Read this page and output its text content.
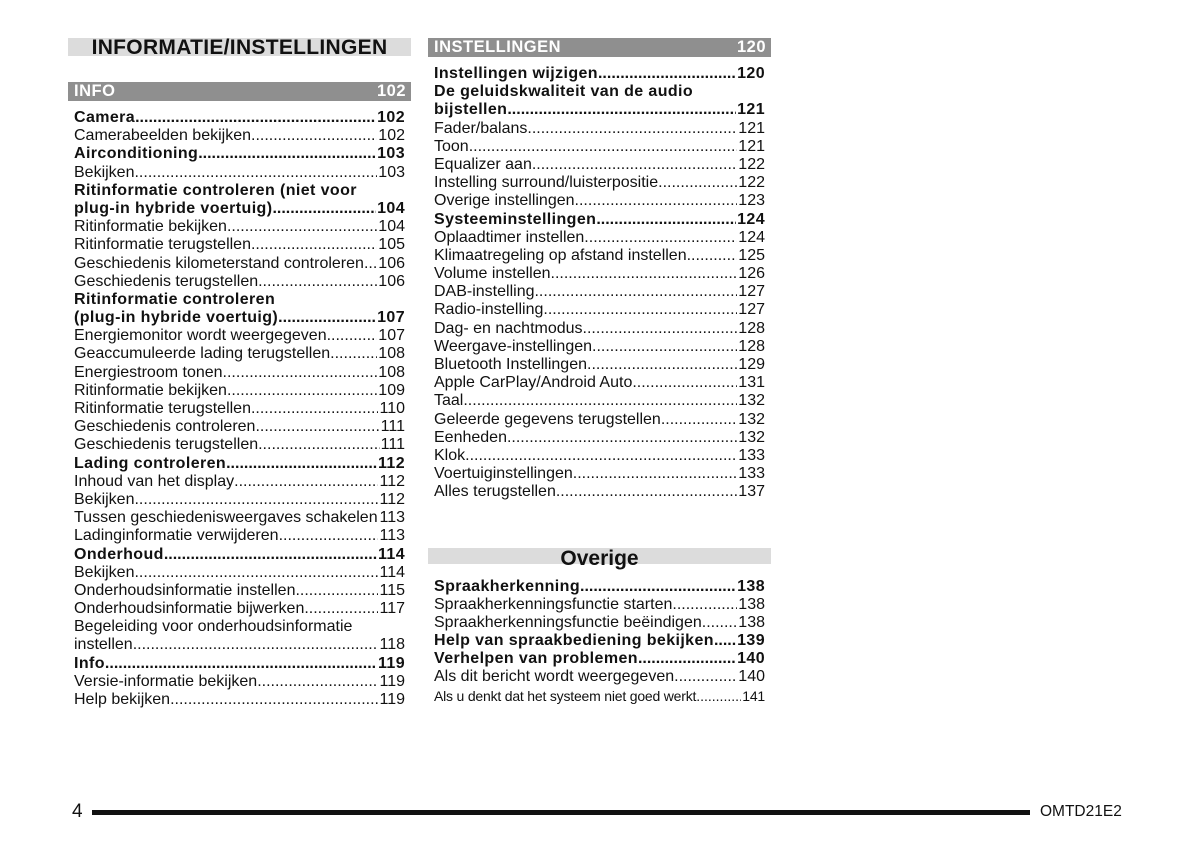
INFORMATIE/INSTELLINGEN
INFO	102
Camera .....	102
Camerabeelden bekijken .....	102
Airconditioning .....	103
Bekijken .....	103
Ritinformatie controleren (niet voor
plug-in hybride voertuig) .....	104
Ritinformatie bekijken .....	104
Ritinformatie terugstellen .....	105
Geschiedenis kilometerstand controleren ..... 106
Geschiedenis terugstellen .....	106
Ritinformatie controleren
(plug-in hybride voertuig) .....	107
Energiemonitor wordt weergegeven .....	107
Geaccumuleerde lading terugstellen .....	108
Energiestroom tonen .....	108
Ritinformatie bekijken .....	109
Ritinformatie terugstellen .....	110
Geschiedenis controleren .....	111
Geschiedenis terugstellen .....	111
Lading controleren .....	112
Inhoud van het display .....	112
Bekijken .....	112
Tussen geschiedenisweergaves schakelen ..... 113
Ladinginformatie verwijderen .....	113
Onderhoud .....	114
Bekijken .....	114
Onderhoudsinformatie instellen .....	115
Onderhoudsinformatie bijwerken .....	117
Begeleiding voor onderhoudsinformatie
instellen .....	118
Info .....	119
Versie-informatie bekijken .....	119
Help bekijken .....	119
INSTELLINGEN	120
Instellingen wijzigen .....	120
De geluidskwaliteit van de audio
bijstellen .....	121
Fader/balans .....	121
Toon .....	121
Equalizer aan .....	122
Instelling surround/luisterpositie .....	122
Overige instellingen .....	123
Systeeminstellingen .....	124
Oplaadtimer instellen .....	124
Klimaatregeling op afstand instellen .....	125
Volume instellen .....	126
DAB-instelling .....	127
Radio-instelling .....	127
Dag- en nachtmodus .....	128
Weergave-instellingen .....	128
Bluetooth Instellingen .....	129
Apple CarPlay/Android Auto .....	131
Taal .....	132
Geleerde gegevens terugstellen .....	132
Eenheden .....	132
Klok .....	133
Voertuiginstellingen .....	133
Alles terugstellen .....	137
Overige
Spraakherkenning .....	138
Spraakherkenningsfunctie starten .....	138
Spraakherkenningsfunctie beëindigen ..... 138
Help van spraakbediening bekijken ..... 139
Verhelpen van problemen .....	140
Als dit bericht wordt weergegeven .....	140
Als u denkt dat het systeem niet goed werkt .....	141
4	OMTD21E2
